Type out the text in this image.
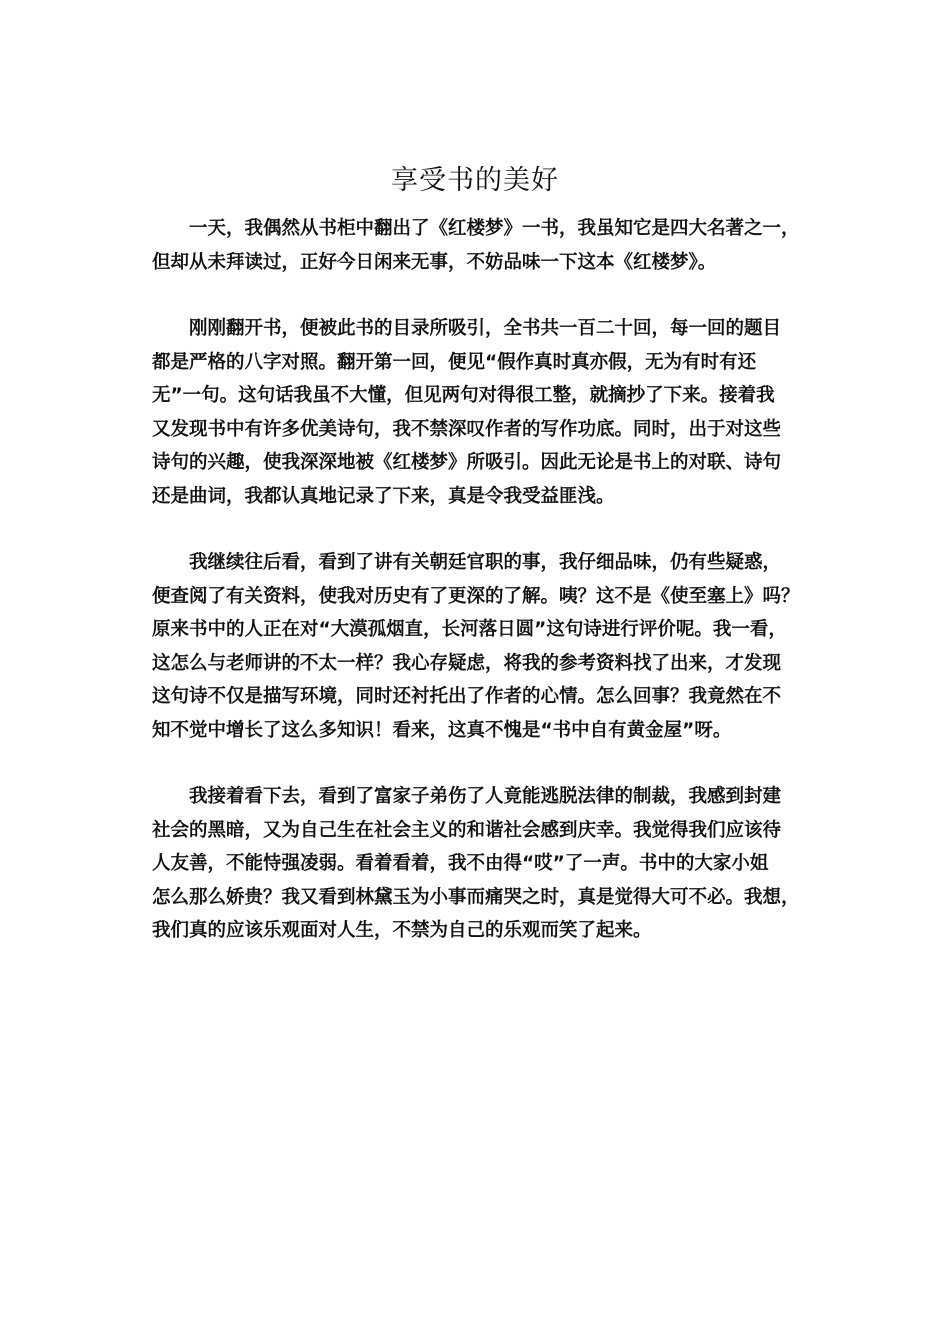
享受书的美好

一天，我偶然从书柜中翻出了《红楼梦》一书，我虽知它是四大名著之一，
但却从未拜读过，正好今日闲来无事，不妨品味一下这本《红楼梦》。

刚刚翻开书，便被此书的目录所吸引，全书共一百二十回，每一回的题目
都是严格的八字对照。翻开第一回，便见“假作真时真亦假，无为有时有还
无”一句。这句话我虽不大懂，但见两句对得很工整，就摘抄了下来。接着我
又发现书中有许多优美诗句，我不禁深叹作者的写作功底。同时，出于对这些
诗句的兴趣，使我深深地被《红楼梦》所吸引。因此无论是书上的对联、诗句
还是曲词，我都认真地记录了下来，真是令我受益匪浅。

我继续往后看，看到了讲有关朝廷官职的事，我仔细品味，仍有些疑惑，
便查阅了有关资料，使我对历史有了更深的了解。咦？这不是《使至塞上》吗？
原来书中的人正在对“大漠孤烟直，长河落日圆”这句诗进行评价呢。我一看，
这怎么与老师讲的不太一样？我心存疑虑，将我的参考资料找了出来，才发现
这句诗不仅是描写环境，同时还衬托出了作者的心情。怎么回事？我竟然在不
知不觉中增长了这么多知识！看来，这真不愧是“书中自有黄金屋”呀。

我接着看下去，看到了富家子弟伤了人竟能逃脱法律的制裁，我感到封建
社会的黑暗，又为自己生在社会主义的和谐社会感到庆幸。我觉得我们应该待
人友善，不能恃强凌弱。看着看着，我不由得“哎”了一声。书中的大家小姐
怎么那么娇贵？我又看到林黛玉为小事而痛哭之时，真是觉得大可不必。我想，
我们真的应该乐观面对人生，不禁为自己的乐观而笑了起来。
